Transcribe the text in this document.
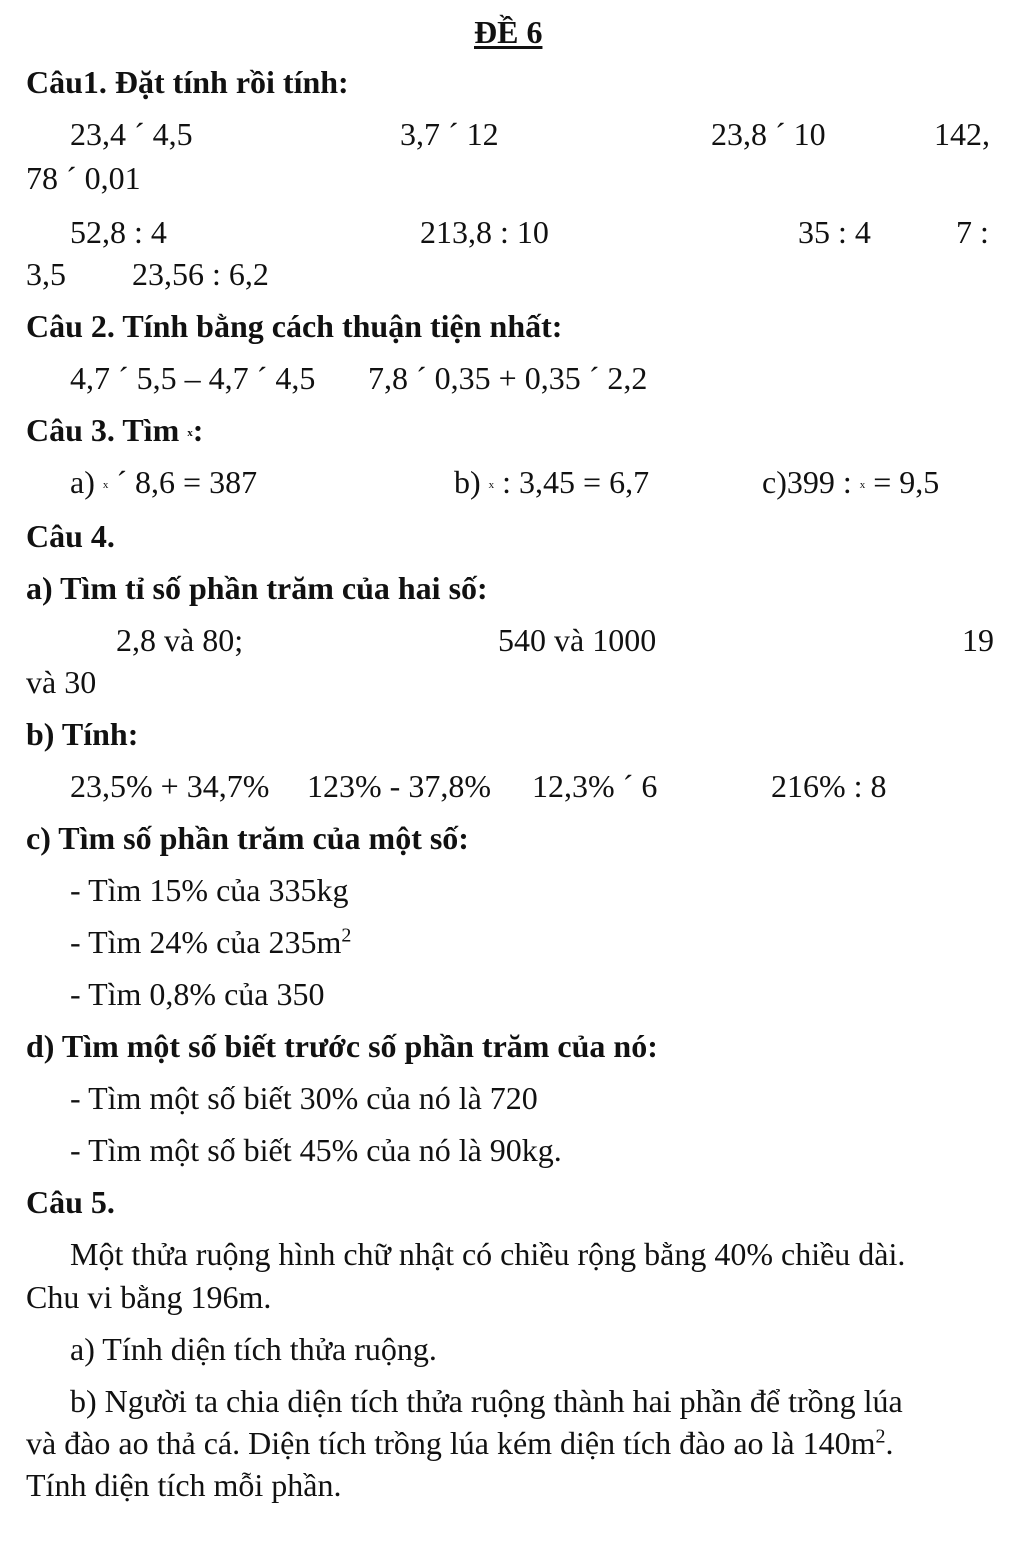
ĐỀ 6
Câu1. Đặt tính rồi tính:
23,4 ´ 4,5	3,7 ´ 12	23,8 ´ 10	142,
78 ´ 0,01
52,8 : 4	213,8 : 10	35 : 4	7 :
3,5 23,56 : 6,2
Câu 2. Tính bằng cách thuận tiện nhất:
4,7 ´ 5,5 – 4,7 ´ 4,5 7,8 ´ 0,35 + 0,35 ´ 2,2
Câu 3. Tìm x:
a) x ´ 8,6 = 387	b) x : 3,45 = 6,7	c)399 : x = 9,5
Câu 4.
a) Tìm tỉ số phần trăm của hai số:
2,8 và 80;	540 và 1000	19
và 30
b) Tính:
23,5% + 34,7% 123% - 37,8% 12,3% ´ 6	216% : 8
c) Tìm số phần trăm của một số:
- Tìm 15% của 335kg
- Tìm 24% của $235m^2$
- Tìm 0,8% của 350
d) Tìm một số biết trước số phần trăm của nó:
- Tìm một số biết 30% của nó là 720
- Tìm một số biết 45% của nó là 90kg.
Câu 5.
Một thửa ruộng hình chữ nhật có chiều rộng bằng 40% chiều dài.
Chu vi bằng 196m.
a) Tính diện tích thửa ruộng.
b) Người ta chia diện tích thửa ruộng thành hai phần để trồng lúa
và đào ao thả cá. Diện tích trồng lúa kém diện tích đào ao là $140m^2$.
Tính diện tích mỗi phần.
